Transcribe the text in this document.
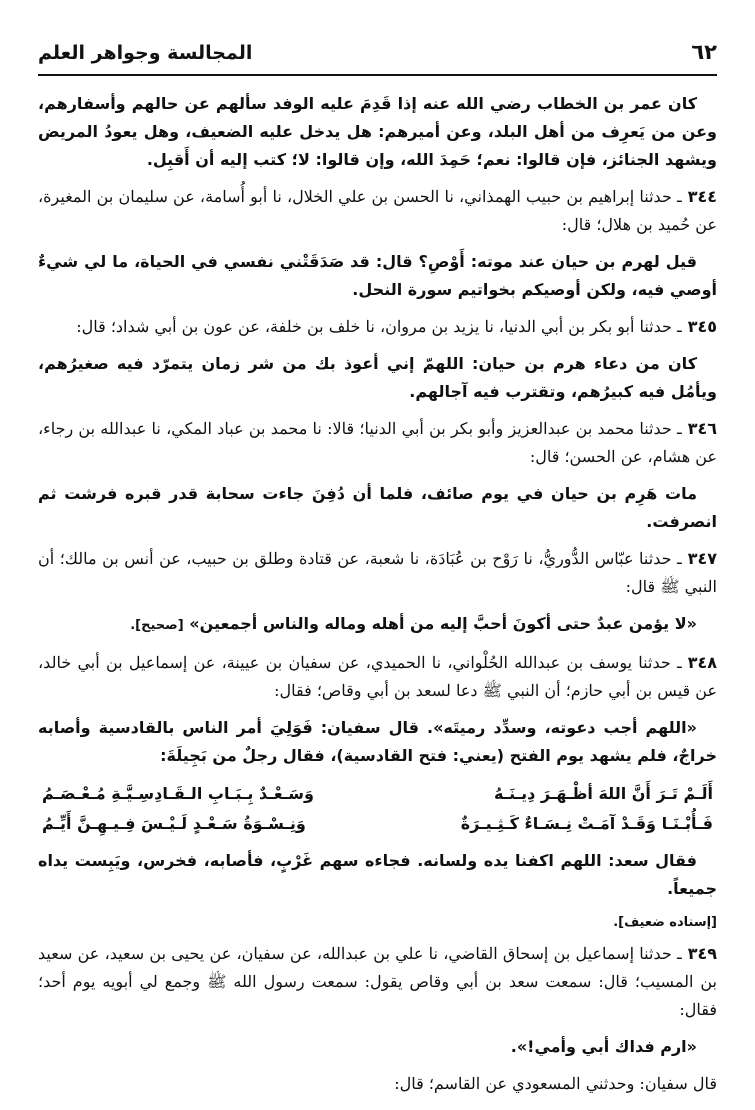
٦٢
المجالسة وجواهر العلم

كان عمر بن الخطاب رضي الله عنه إذا قَدِمَ عليه الوفد سألهم عن حالهم وأسفارهم، وعن من يَعرِف من أهل البلد، وعن أميرهم: هل يدخل عليه الضعيف، وهل يعودُ المريض ويشهد الجنائز، فإن قالوا: نعم؛ حَمِدَ الله، وإن قالوا: لا؛ كتب إليه أن أَقبِل.

٣٤٤ـ حدثنا إبراهيم بن حبيب الهمذاني، نا الحسن بن علي الخلال، نا أبو أُسامة، عن سليمان بن المغيرة، عن حُميد بن هلال؛ قال:

قيل لهرم بن حيان عند موته: أَوْصِ؟ قال: قد صَدَقَتْني نفسي في الحياة، ما لي شيءٌ أوصي فيه، ولكن أوصيكم بخواتيم سورة النحل.

٣٤٥ـ حدثنا أبو بكر بن أبي الدنيا، نا يزيد بن مروان، نا خلف بن خلفة، عن عون بن أبي شداد؛ قال:

كان من دعاء هرم بن حيان: اللهمّ إني أعوذ بك من شر زمان يتمرّد فيه صغيرُهم، ويأمُل فيه كبيرُهم، وتقترب فيه آجالهم.

٣٤٦ـ حدثنا محمد بن عبدالعزيز وأبو بكر بن أبي الدنيا؛ قالا: نا محمد بن عباد المكي، نا عبدالله بن رجاء، عن هشام، عن الحسن؛ قال:

مات هَرِم بن حيان في يوم صائف، فلما أن دُفِنَ جاءت سحابة قدر قبره فرشت ثم انصرفت.

٣٤٧ـ حدثنا عبّاس الدُّوريُّ، نا رَوْح بن عُبَادَة، نا شعبة، عن قتادة وطلق بن حبيب، عن أنس بن مالك؛ أن النبي ﷺ قال:

«لا يؤمن عبدٌ حتى أكونَ أحبَّ إليه من أهله وماله والناس أجمعين» [صحيح].

٣٤٨ـ حدثنا يوسف بن عبدالله الحُلْواني، نا الحميدي، عن سفيان بن عيينة، عن إسماعيل بن أبي خالد، عن قيس بن أبي حازم؛ أن النبي ﷺ دعا لسعد بن أبي وقاص؛ فقال:

«اللهم أجب دعوته، وسدِّد رميتَه». قال سفيان: فَوَلِيَ أمر الناس بالقادسية وأصابه خراجٌ، فلم يشهد يوم الفتح (يعني: فتح القادسية)، فقال رجلٌ من بَجِيلَةَ:

أَلَـمْ تَـرَ أَنَّ اللهَ أظْـهَـرَ دِيـنَـهُ
وَسَـعْـدٌ بِـبَـابِ الـقَـادِسِـيَّـةِ مُـعْـصَـمُ
فَـأُبْـنَـا وَقَـدْ آمَـتْ نِـسَـاءٌ كَـثِـيـرَةٌ
وَنِـسْـوَةُ سَـعْـدٍ لَـيْـسَ فِـيـهِـنَّ أَيِّـمُ

فقال سعد: اللهم اكفنا يده ولسانه. فجاءه سهم غَرْبٍ، فأصابه، فخرس، ويَبِست يداه جميعاً.

[إسناده ضعيف].

٣٤٩ـ حدثنا إسماعيل بن إسحاق القاضي، نا علي بن عبدالله، عن سفيان، عن يحيى بن سعيد، عن سعيد بن المسيب؛ قال: سمعت سعد بن أبي وقاص يقول: سمعت رسول الله ﷺ وجمع لي أبويه يوم أحد؛ فقال:

«ارم فداك أبي وأمي!».

قال سفيان: وحدثني المسعودي عن القاسم؛ قال:
